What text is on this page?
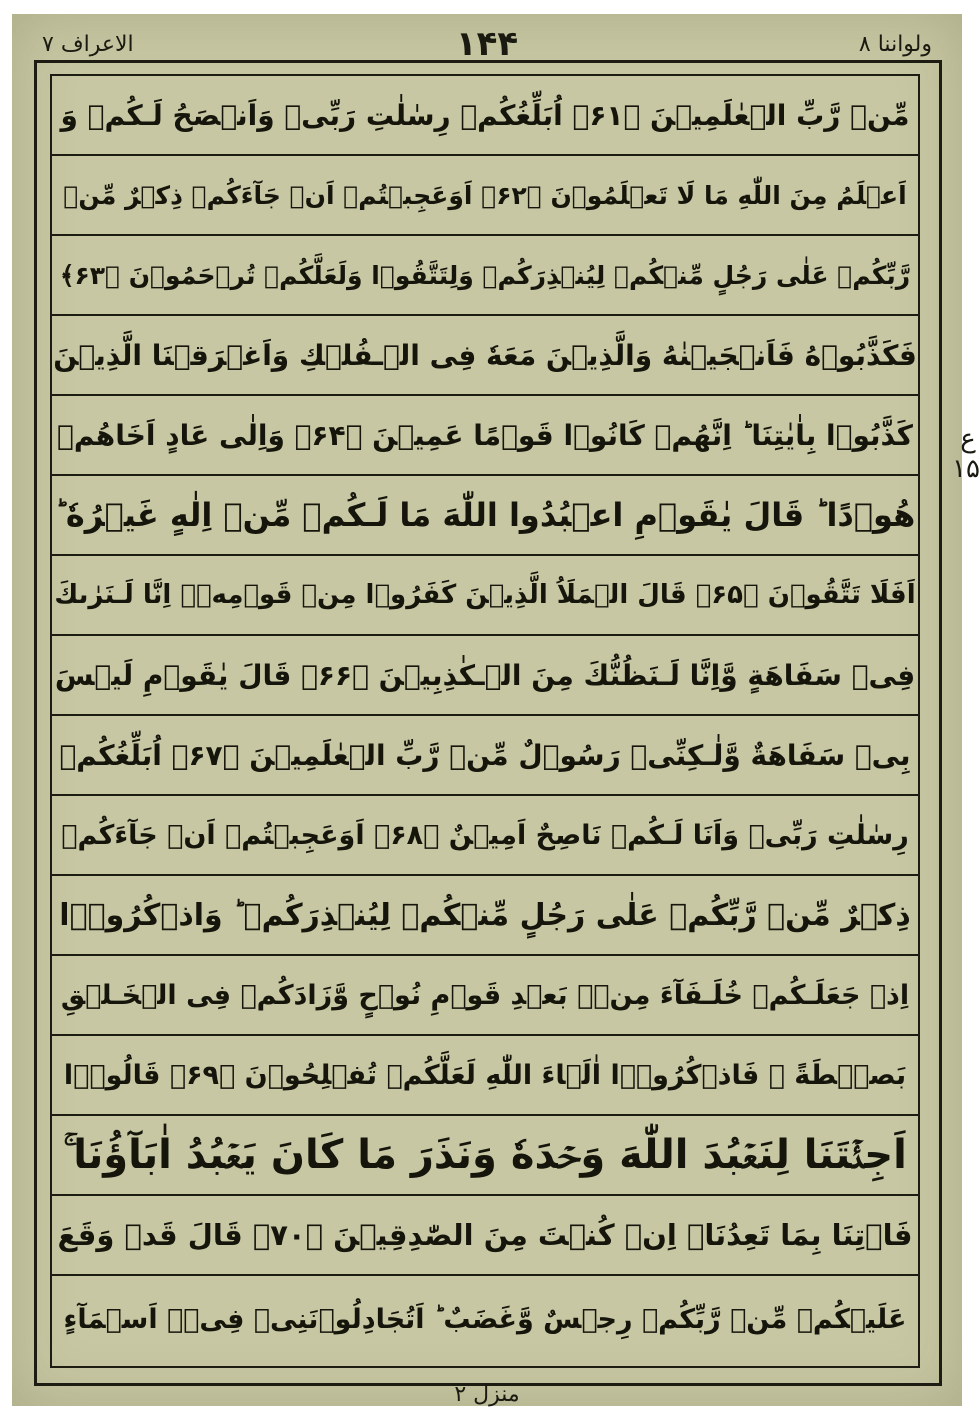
ولواننا ۸
۱۴۴
الاعراف ۷
مِّنۡ رَّبِّ الۡعٰلَمِيۡنَ ﴿۶۱﴾ اُبَلِّغُكُمۡ رِسٰلٰتِ رَبِّىۡ وَاَنۡصَحُ لَـكُمۡ وَ
اَعۡلَمُ مِنَ اللّٰهِ مَا لَا تَعۡلَمُوۡنَ ﴿۶۲﴾ اَوَعَجِبۡتُمۡ اَنۡ جَآءَكُمۡ ذِكۡرٌ مِّنۡ
رَّبِّكُمۡ عَلٰى رَجُلٍ مِّنۡكُمۡ لِيُنۡذِرَكُمۡ وَلِتَتَّقُوۡا وَلَعَلَّكُمۡ تُرۡحَمُوۡنَ ﴿۶۳﴾
فَكَذَّبُوۡهُ فَاَنۡجَيۡنٰهُ وَالَّذِيۡنَ مَعَهٗ فِى الۡـفُلۡكِ وَاَغۡرَقۡنَا الَّذِيۡنَ
كَذَّبُوۡا بِاٰيٰتِنَا ؕ اِنَّهُمۡ كَانُوۡا قَوۡمًا عَمِيۡنَ ﴿۶۴﴾ وَاِلٰى عَادٍ اَخَاهُمۡ
هُوۡدًا ؕ قَالَ يٰقَوۡمِ اعۡبُدُوا اللّٰهَ مَا لَـكُمۡ مِّنۡ اِلٰهٍ غَيۡرُهٗ ؕ
اَفَلَا تَتَّقُوۡنَ ﴿۶۵﴾ قَالَ الۡمَلَاُ الَّذِيۡنَ كَفَرُوۡا مِنۡ قَوۡمِهٖۤ اِنَّا لَـنَرٰٮكَ
فِىۡ سَفَاهَةٍ وَّاِنَّا لَـنَظُنُّكَ مِنَ الۡـكٰذِبِيۡنَ ﴿۶۶﴾ قَالَ يٰقَوۡمِ لَيۡسَ
بِىۡ سَفَاهَةٌ وَّلٰـكِنِّىۡ رَسُوۡلٌ مِّنۡ رَّبِّ الۡعٰلَمِيۡنَ ﴿۶۷﴾ اُبَلِّغُكُمۡ
رِسٰلٰتِ رَبِّىۡ وَاَنَا لَـكُمۡ نَاصِحٌ اَمِيۡنٌ ﴿۶۸﴾ اَوَعَجِبۡتُمۡ اَنۡ جَآءَكُمۡ
ذِكۡرٌ مِّنۡ رَّبِّكُمۡ عَلٰى رَجُلٍ مِّنۡكُمۡ لِيُنۡذِرَكُمۡ ؕ وَاذۡكُرُوۡۤا
اِذۡ جَعَلَـكُمۡ خُلَـفَآءَ مِنۡۢ بَعۡدِ قَوۡمِ نُوۡحٍ وَّزَادَكُمۡ فِى الۡخَـلۡقِ
بَصۜۡطَةً ۚ فَاذۡكُرُوۡۤا اٰلَۤاءَ اللّٰهِ لَعَلَّكُمۡ تُفۡلِحُوۡنَ ﴿۶۹﴾ قَالُوۡۤا
اَجِئۡتَنَا لِنَعۡبُدَ اللّٰهَ وَحۡدَهٗ وَنَذَرَ مَا كَانَ يَعۡبُدُ اٰبَآؤُنَا ۚ
فَاۡتِنَا بِمَا تَعِدُنَاۤ اِنۡ كُنۡتَ مِنَ الصّٰدِقِيۡنَ ﴿۷۰﴾ قَالَ قَدۡ وَقَعَ
عَلَيۡكُمۡ مِّنۡ رَّبِّكُمۡ رِجۡسٌ وَّغَضَبٌ ؕ اَتُجَادِلُوۡنَنِىۡ فِىۡۤ اَسۡمَآءٍ
ع ۱۵
منزل ۲
